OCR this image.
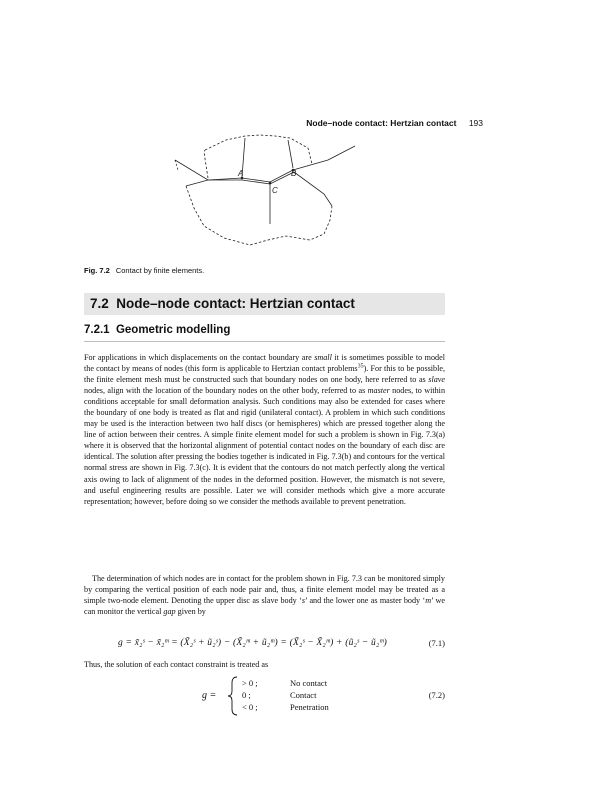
Node–node contact: Hertzian contact 193
A	B
C
Fig. 7.2 Contact by finite elements.
7.2 Node–node contact: Hertzian contact
7.2.1 Geometric modelling

For applications in which displacements on the contact boundary are small it is sometimes possible to model the contact by means of nodes (this form is applicable to Hertzian contact problems$^{35}$). For this to be possible, the finite element mesh must be constructed such that boundary nodes on one body, here referred to as slave nodes, align with the location of the boundary nodes on the other body, referred to as master nodes, to within conditions acceptable for small deformation analysis. Such conditions may also be extended for cases where the boundary of one body is treated as flat and rigid (unilateral contact). A problem in which such conditions may be used is the interaction between two half discs (or hemispheres) which are pressed together along the line of action between their centres. A simple finite element model for such a problem is shown in Fig. 7.3(a) where it is observed that the horizontal alignment of potential contact nodes on the boundary of each disc are identical. The solution after pressing the bodies together is indicated in Fig. 7.3(b) and contours for the vertical normal stress are shown in Fig. 7.3(c). It is evident that the contours do not match perfectly along the vertical axis owing to lack of alignment of the nodes in the deformed position. However, the mismatch is not severe, and useful engineering results are possible. Later we will consider methods which give a more accurate representation; however, before doing so we consider the methods available to prevent penetration.

The determination of which nodes are in contact for the problem shown in Fig. 7.3 can be monitored simply by comparing the vertical position of each node pair and, thus, a finite element model may be treated as a simple two-node element. Denoting the upper disc as slave body ‘s’ and the lower one as master body ‘m’ we can monitor the vertical gap given by

g = x̃₂ˢ − x̃₂ᵐ = (X̃₂ˢ + ũ₂ˢ) − (X̃₂ᵐ + ũ₂ᵐ) = (X̃₂ˢ − X̃₂ᵐ) + (ũ₂ˢ − ũ₂ᵐ)	(7.1)
Thus, the solution of each contact constraint is treated as
g =
> 0 ;	No contact
0 ;	Contact
< 0 ;	Penetration
(7.2)
